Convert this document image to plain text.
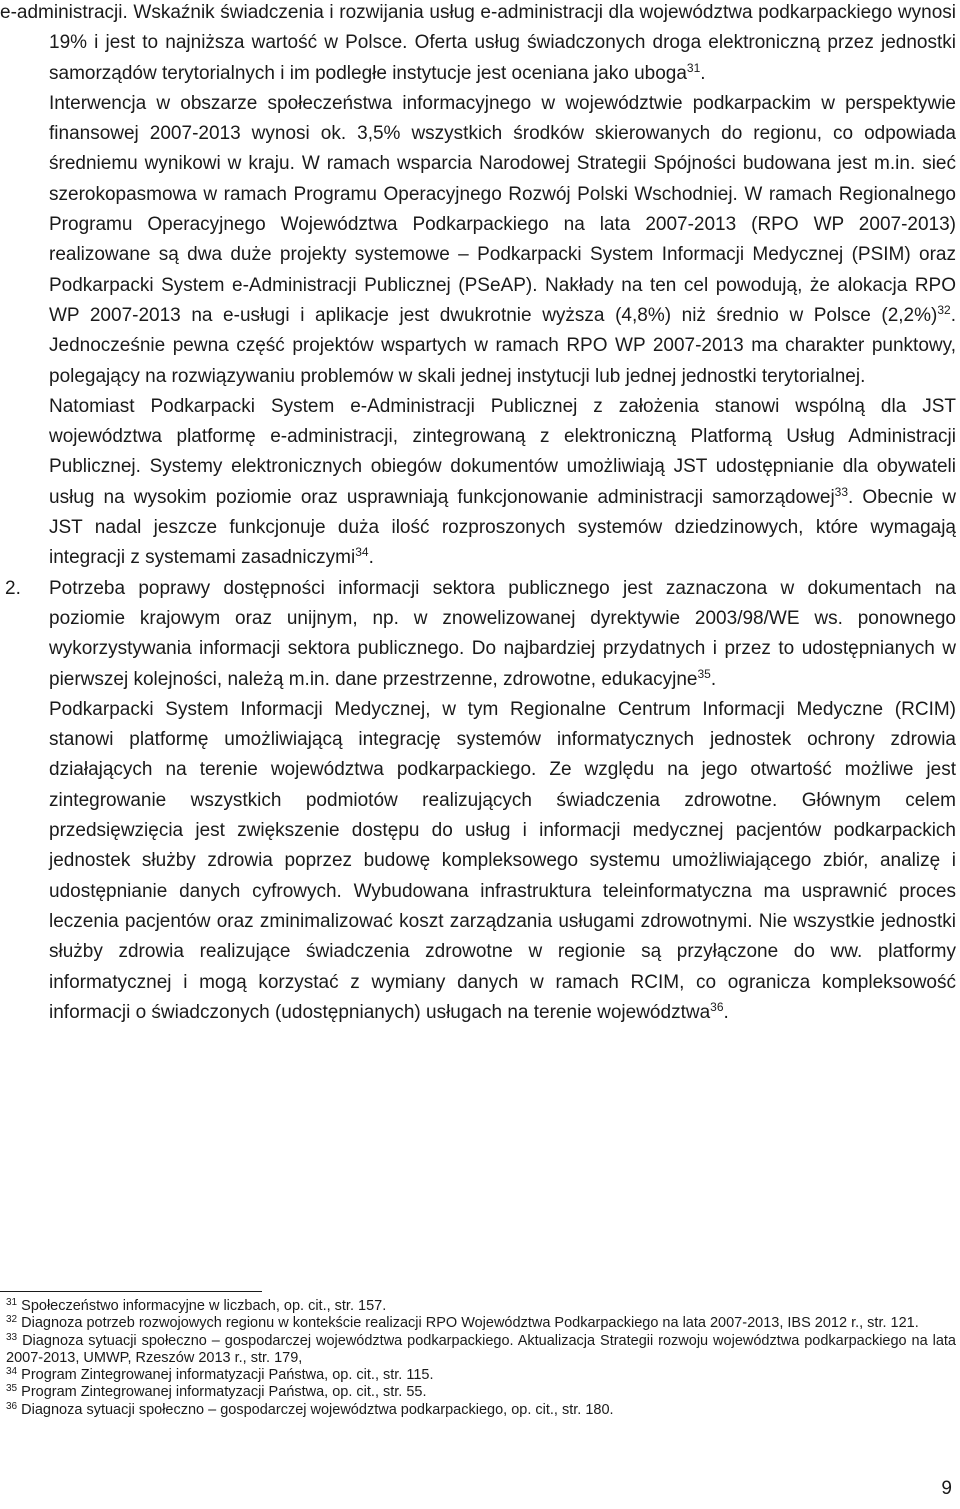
e-administracji. Wskaźnik świadczenia i rozwijania usług e-administracji dla województwa podkarpackiego wynosi 19% i jest to najniższa wartość w Polsce. Oferta usług świadczonych droga elektroniczną przez jednostki samorządów terytorialnych i im podległe instytucje jest oceniana jako uboga$^{31}$.

Interwencja w obszarze społeczeństwa informacyjnego w województwie podkarpackim w perspektywie finansowej 2007-2013 wynosi ok. 3,5% wszystkich środków skierowanych do regionu, co odpowiada średniemu wynikowi w kraju. W ramach wsparcia Narodowej Strategii Spójności budowana jest m.in. sieć szerokopasmowa w ramach Programu Operacyjnego Rozwój Polski Wschodniej. W ramach Regionalnego Programu Operacyjnego Województwa Podkarpackiego na lata 2007-2013 (RPO WP 2007-2013) realizowane są dwa duże projekty systemowe – Podkarpacki System Informacji Medycznej (PSIM) oraz Podkarpacki System e-Administracji Publicznej (PSeAP). Nakłady na ten cel powodują, że alokacja RPO WP 2007-2013 na e-usługi i aplikacje jest dwukrotnie wyższa (4,8%) niż średnio w Polsce $(2,2\%)^{32}$. Jednocześnie pewna część projektów wspartych w ramach RPO WP 2007-2013 ma charakter punktowy, polegający na rozwiązywaniu problemów w skali jednej instytucji lub jednej jednostki terytorialnej.

Natomiast Podkarpacki System e-Administracji Publicznej z założenia stanowi wspólną dla JST województwa platformę e-administracji, zintegrowaną z elektroniczną Platformą Usług Administracji Publicznej. Systemy elektronicznych obiegów dokumentów umożliwiają JST udostępnianie dla obywateli usług na wysokim poziomie oraz usprawniają funkcjonowanie administracji samorządowej$^{33}$. Obecnie w JST nadal jeszcze funkcjonuje duża ilość rozproszonych systemów dziedzinowych, które wymagają integracji z systemami zasadniczymi$^{34}$.

2. Potrzeba poprawy dostępności informacji sektora publicznego jest zaznaczona w dokumentach na poziomie krajowym oraz unijnym, np. w znowelizowanej dyrektywie 2003/98/WE ws. ponownego wykorzystywania informacji sektora publicznego. Do najbardziej przydatnych i przez to udostępnianych w pierwszej kolejności, należą m.in. dane przestrzenne, zdrowotne, edukacyjne$^{35}$.

Podkarpacki System Informacji Medycznej, w tym Regionalne Centrum Informacji Medyczne (RCIM) stanowi platformę umożliwiającą integrację systemów informatycznych jednostek ochrony zdrowia działających na terenie województwa podkarpackiego. Ze względu na jego otwartość możliwe jest zintegrowanie wszystkich podmiotów realizujących świadczenia zdrowotne. Głównym celem przedsięwzięcia jest zwiększenie dostępu do usług i informacji medycznej pacjentów podkarpackich jednostek służby zdrowia poprzez budowę kompleksowego systemu umożliwiającego zbiór, analizę i udostępnianie danych cyfrowych. Wybudowana infrastruktura teleinformatyczna ma usprawnić proces leczenia pacjentów oraz zminimalizować koszt zarządzania usługami zdrowotnymi. Nie wszystkie jednostki służby zdrowia realizujące świadczenia zdrowotne w regionie są przyłączone do ww. platformy informatycznej i mogą korzystać z wymiany danych w ramach RCIM, co ogranicza kompleksowość informacji o świadczonych (udostępnianych) usługach na terenie województwa$^{36}$.

$^{31}$ Społeczeństwo informacyjne w liczbach, op. cit., str. 157.

$^{32}$ Diagnoza potrzeb rozwojowych regionu w kontekście realizacji RPO Województwa Podkarpackiego na lata 2007-2013, IBS 2012 r., str. 121.

$^{33}$ Diagnoza sytuacji społeczno – gospodarczej województwa podkarpackiego. Aktualizacja Strategii rozwoju województwa podkarpackiego na lata 2007-2013, UMWP, Rzeszów 2013 r., str. 179,

$^{34}$ Program Zintegrowanej informatyzacji Państwa, op. cit., str. 115.

$^{35}$ Program Zintegrowanej informatyzacji Państwa, op. cit., str. 55.

$^{36}$ Diagnoza sytuacji społeczno – gospodarczej województwa podkarpackiego, op. cit., str. 180.

9
